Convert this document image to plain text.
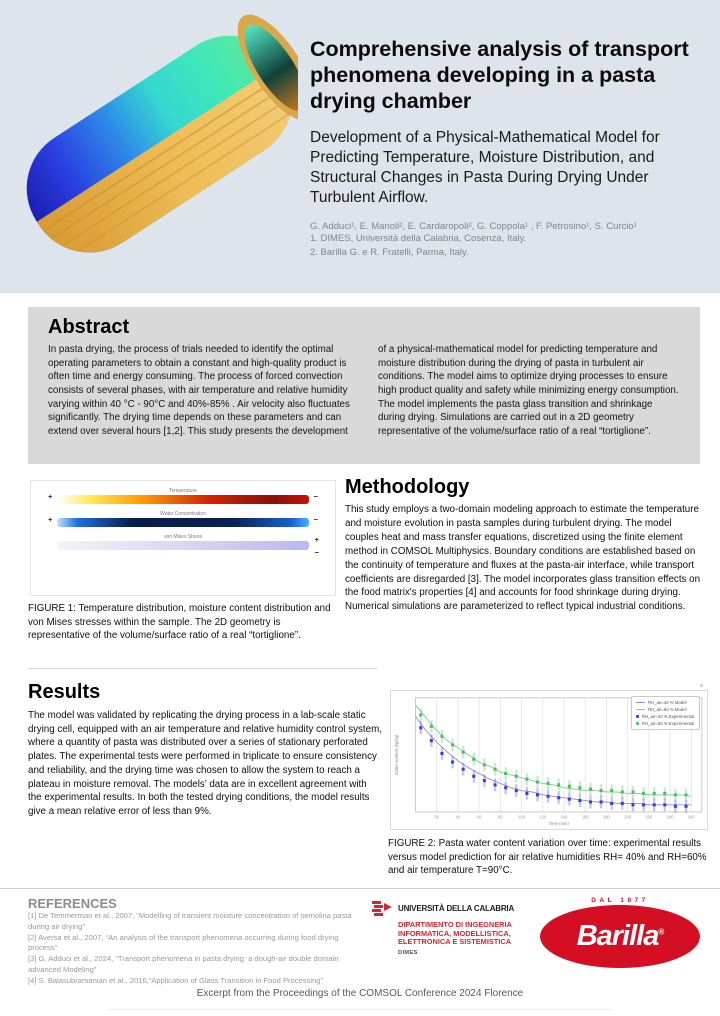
Comprehensive analysis of transport phenomena developing in a pasta drying chamber
Development of a Physical-Mathematical Model for Predicting Temperature, Moisture Distribution, and Structural Changes in Pasta During Drying Under Turbulent Airflow.
G. Adduci¹, E. Manoli², E. Cardaropoli², G. Coppola¹ , F. Petrosino¹, S. Curcio¹
1. DIMES, Università della Calabria, Cosenza, Italy.
2. Barilla G. e R. Fratelli, Parma, Italy.
Abstract
In pasta drying, the process of trials needed to identify the optimal operating parameters to obtain a constant and high-quality product is often time and energy consuming. The process of forced convection consists of several phases, with air temperature and relative humidity varying within 40 °C - 90°C and 40%-85% . Air velocity also fluctuates significantly. The drying time depends on these parameters and can extend over several hours [1,2]. This study presents the development
of a physical-mathematical model for predicting temperature and moisture distribution during the drying of pasta in turbulent air conditions. The model aims to optimize drying processes to ensure high product quality and safety while minimizing energy consumption. The model implements the pasta glass transition and shrinkage during drying. Simulations are carried out in a 2D geometry representative of the volume/surface ratio of a real “tortiglione”.
Temperature
+	−
Water Concentration
+	−
von Mises Stress	+
−
FIGURE 1: Temperature distribution, moisture content distribution and von Mises stresses within the sample. The 2D geometry is representative of the volume/surface ratio of a real “tortiglione”.
Methodology
This study employs a two-domain modeling approach to estimate the temperature and moisture evolution in pasta samples during turbulent drying. The model couples heat and mass transfer equations, discretized using the finite element method in COMSOL Multiphysics. Boundary conditions are established based on the continuity of temperature and fluxes at the pasta-air interface, while transport coefficients are disregarded [3]. The model incorporates glass transition effects on the food matrix's properties [4] and accounts for food shrinkage during drying. Numerical simulations are parameterized to reflect typical industrial conditions.
Results
The model was validated by replicating the drying process in a lab-scale static drying cell, equipped with an air temperature and relative humidity control system, where a quantity of pasta was distributed over a series of stationary perforated plates. The experimental tests were performed in triplicate to ensure consistency and reliability, and the drying time was chosen to allow the system to reach a plateau in moisture removal. The models’ data are in excellent agreement with the experimental results. In both the tested drying conditions, the model results give a mean relative error of less than 9%.
+
20	40	60	80	100	120	140	160	180	200	220	240	260
Time (min)
Water content (kg/kg)
RH_air=40 % Model
RH_air=60 % Model
RH_air=40 % Experimental
RH_air=60 % Experimental
FIGURE 2: Pasta water content variation over time: experimental results versus model prediction for air relative humidities RH= 40% and RH=60% and air temperature T=90°C.
REFERENCES
[1] De Temmerman et al., 2007, “Modelling of transient moisture concentration of semolina pasta during air drying”
[2] Aversa et al., 2007, “An analysis of the transport phenomena occurring during food drying process”
[3] G. Adduci et al., 2024, “Transport phenomena in pasta drying: a dough-air double domain advanced Modeling”
[4] S. Balasubramanian et al., 2016,“Application of Glass Transition in Food Processing”
UNIVERSITÀ DELLA CALABRIA
DIPARTIMENTO DI INGEGNERIA INFORMATICA, MODELLISTICA, ELETTRONICA E SISTEMISTICA
DIMES
DAL 1877
Barilla®
Excerpt from the Proceedings of the COMSOL Conference 2024 Florence
